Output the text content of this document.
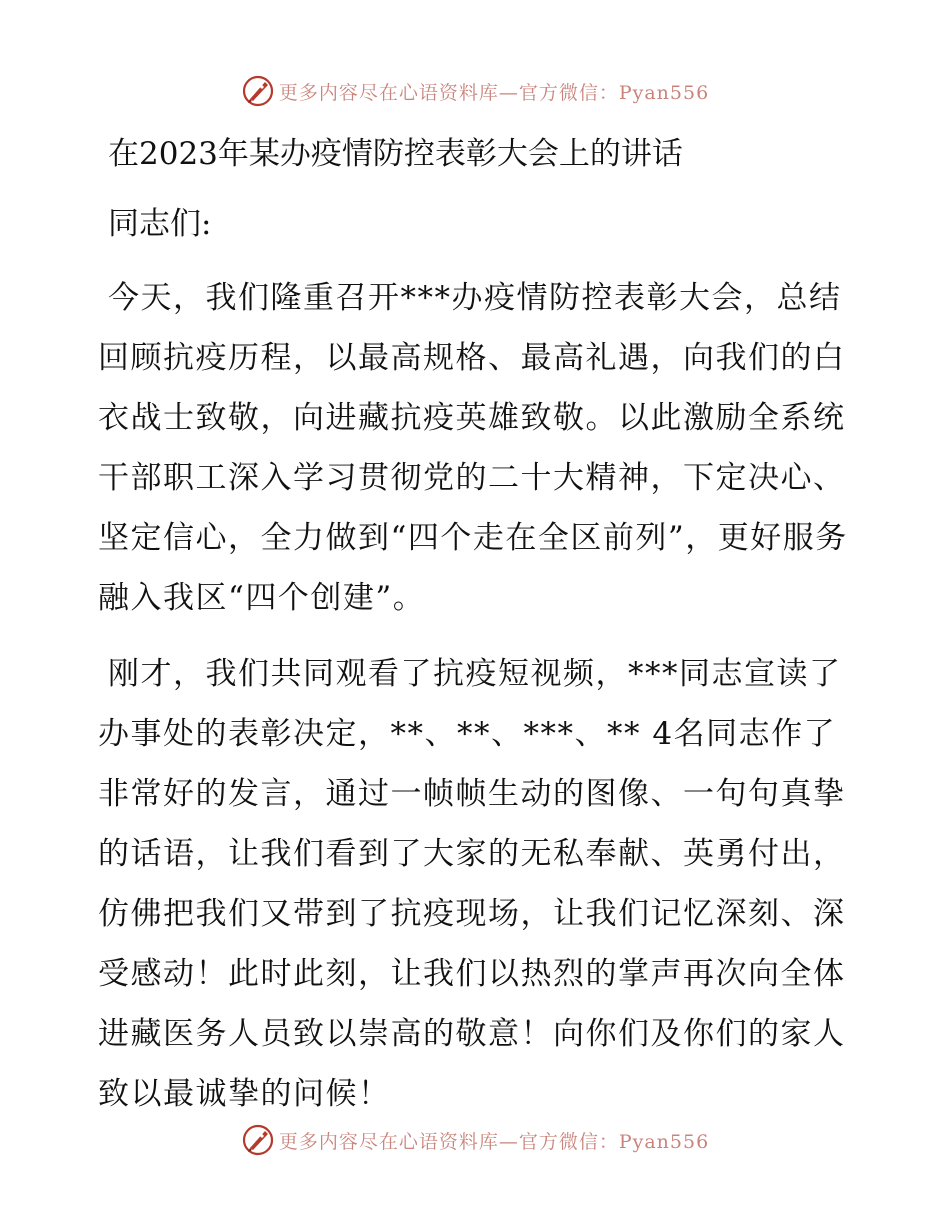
更多内容尽在心语资料库—官方微信：Pyan556

在2023年某办疫情防控表彰大会上的讲话

同志们:

今天，我们隆重召开***办疫情防控表彰大会，总结回顾抗疫历程，以最高规格、最高礼遇，向我们的白衣战士致敬，向进藏抗疫英雄致敬。以此激励全系统干部职工深入学习贯彻党的二十大精神，下定决心、坚定信心，全力做到“四个走在全区前列”，更好服务融入我区“四个创建”。

刚才，我们共同观看了抗疫短视频，***同志宣读了办事处的表彰决定，**、**、***、** 4名同志作了非常好的发言，通过一帧帧生动的图像、一句句真挚的话语，让我们看到了大家的无私奉献、英勇付出，仿佛把我们又带到了抗疫现场，让我们记忆深刻、深受感动！此时此刻，让我们以热烈的掌声再次向全体进藏医务人员致以崇高的敬意！向你们及你们的家人致以最诚挚的问候！

更多内容尽在心语资料库—官方微信：Pyan556
